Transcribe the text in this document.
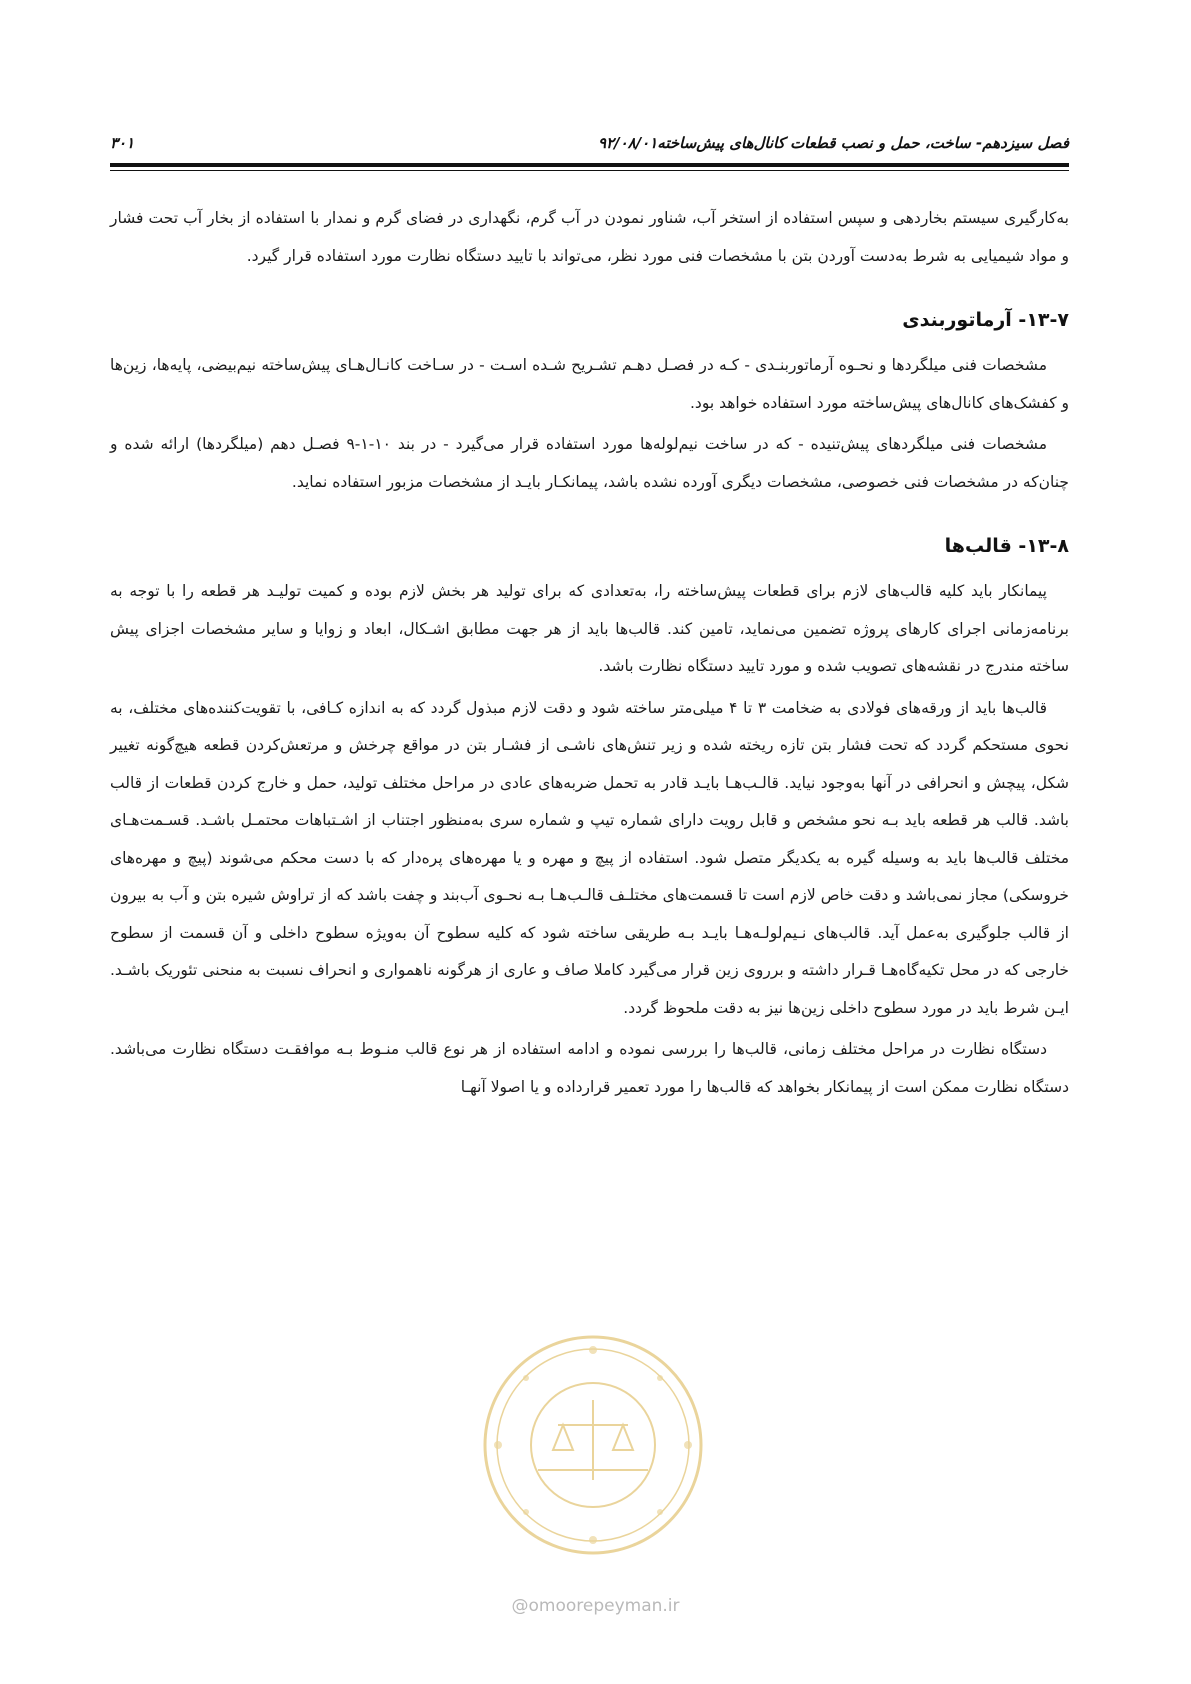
فصل سیزدهم- ساخت، حمل و نصب قطعات کانال‌های پیش‌ساخته۹۲/۰۸/۰۱
۳۰۱

به‌کارگیری سیستم بخاردهی و سپس استفاده از استخر آب، شناور نمودن در آب گرم، نگهداری در فضای گرم و نمدار با استفاده از بخار آب تحت فشار و مواد شیمیایی به شرط به‌دست آوردن بتن با مشخصات فنی مورد نظر، می‌تواند با تایید دستگاه نظارت مورد استفاده قرار گیرد.

۱۳-۷- آرماتوربندی

مشخصات فنی میلگردها و نحـوه آرماتوربنـدی - کـه در فصـل دهـم تشـریح شـده اسـت - در سـاخت کانـال‌هـای پیش‌ساخته نیم‌بیضی، پایه‌ها، زین‌ها و کفشک‌های کانال‌های پیش‌ساخته مورد استفاده خواهد بود.

مشخصات فنی میلگردهای پیش‌تنیده - که در ساخت نیم‌لوله‌ها مورد استفاده قرار می‌گیرد - در بند ۱۰-۱-۹ فصـل دهم (میلگردها) ارائه شده و چنان‌که در مشخصات فنی خصوصی، مشخصات دیگری آورده نشده باشد، پیمانکـار بایـد از مشخصات مزبور استفاده نماید.

۱۳-۸- قالب‌ها

پیمانکار باید کلیه قالب‌های لازم برای قطعات پیش‌ساخته را، به‌تعدادی که برای تولید هر بخش لازم بوده و کمیت تولیـد هر قطعه را با توجه به برنامه‌زمانی اجرای کارهای پروژه تضمین می‌نماید، تامین کند. قالب‌ها باید از هر جهت مطابق اشـکال، ابعاد و زوایا و سایر مشخصات اجزای پیش ساخته مندرج در نقشه‌های تصویب شده و مورد تایید دستگاه نظارت باشد.

قالب‌ها باید از ورقه‌های فولادی به ضخامت ۳ تا ۴ میلی‌متر ساخته شود و دقت لازم مبذول گردد که به اندازه کـافی، با تقویت‌کننده‌های مختلف، به نحوی مستحکم گردد که تحت فشار بتن تازه ریخته شده و زیر تنش‌های ناشـی از فشـار بتن در مواقع چرخش و مرتعش‌کردن قطعه هیچ‌گونه تغییر شکل، پیچش و انحرافی در آنها به‌وجود نیاید. قالـب‌هـا بایـد قادر به تحمل ضربه‌های عادی در مراحل مختلف تولید، حمل و خارج کردن قطعات از قالب باشد. قالب هر قطعه باید بـه نحو مشخص و قابل رویت دارای شماره تیپ و شماره سری به‌منظور اجتناب از اشـتباهات محتمـل باشـد. قسـمت‌هـای مختلف قالب‌ها باید به وسیله گیره به یکدیگر متصل شود. استفاده از پیچ و مهره و یا مهره‌های پره‌دار که با دست محکم می‌شوند (پیچ و مهره‌های خروسکی) مجاز نمی‌باشد و دقت خاص لازم است تا قسمت‌های مختلـف قالـب‌هـا بـه نحـوی آب‌بند و چفت باشد که از تراوش شیره بتن و آب به بیرون از قالب جلوگیری به‌عمل آید. قالب‌های نـیم‌لولـه‌هـا بایـد بـه طریقی ساخته شود که کلیه سطوح آن به‌ویژه سطوح داخلی و آن قسمت از سطوح خارجی که در محل تکیه‌گاه‌هـا قـرار داشته و برروی زین قرار می‌گیرد کاملا صاف و عاری از هرگونه ناهمواری و انحراف نسبت به منحنی تئوریک باشـد. ایـن شرط باید در مورد سطوح داخلی زین‌ها نیز به دقت ملحوظ گردد.

دستگاه نظارت در مراحل مختلف زمانی، قالب‌ها را بررسی نموده و ادامه استفاده از هر نوع قالب منـوط بـه موافقـت دستگاه نظارت می‌باشد. دستگاه نظارت ممکن است از پیمانکار بخواهد که قالب‌ها را مورد تعمیر قرارداده و یا اصولا آنهـا

@omoorepeyman.ir
